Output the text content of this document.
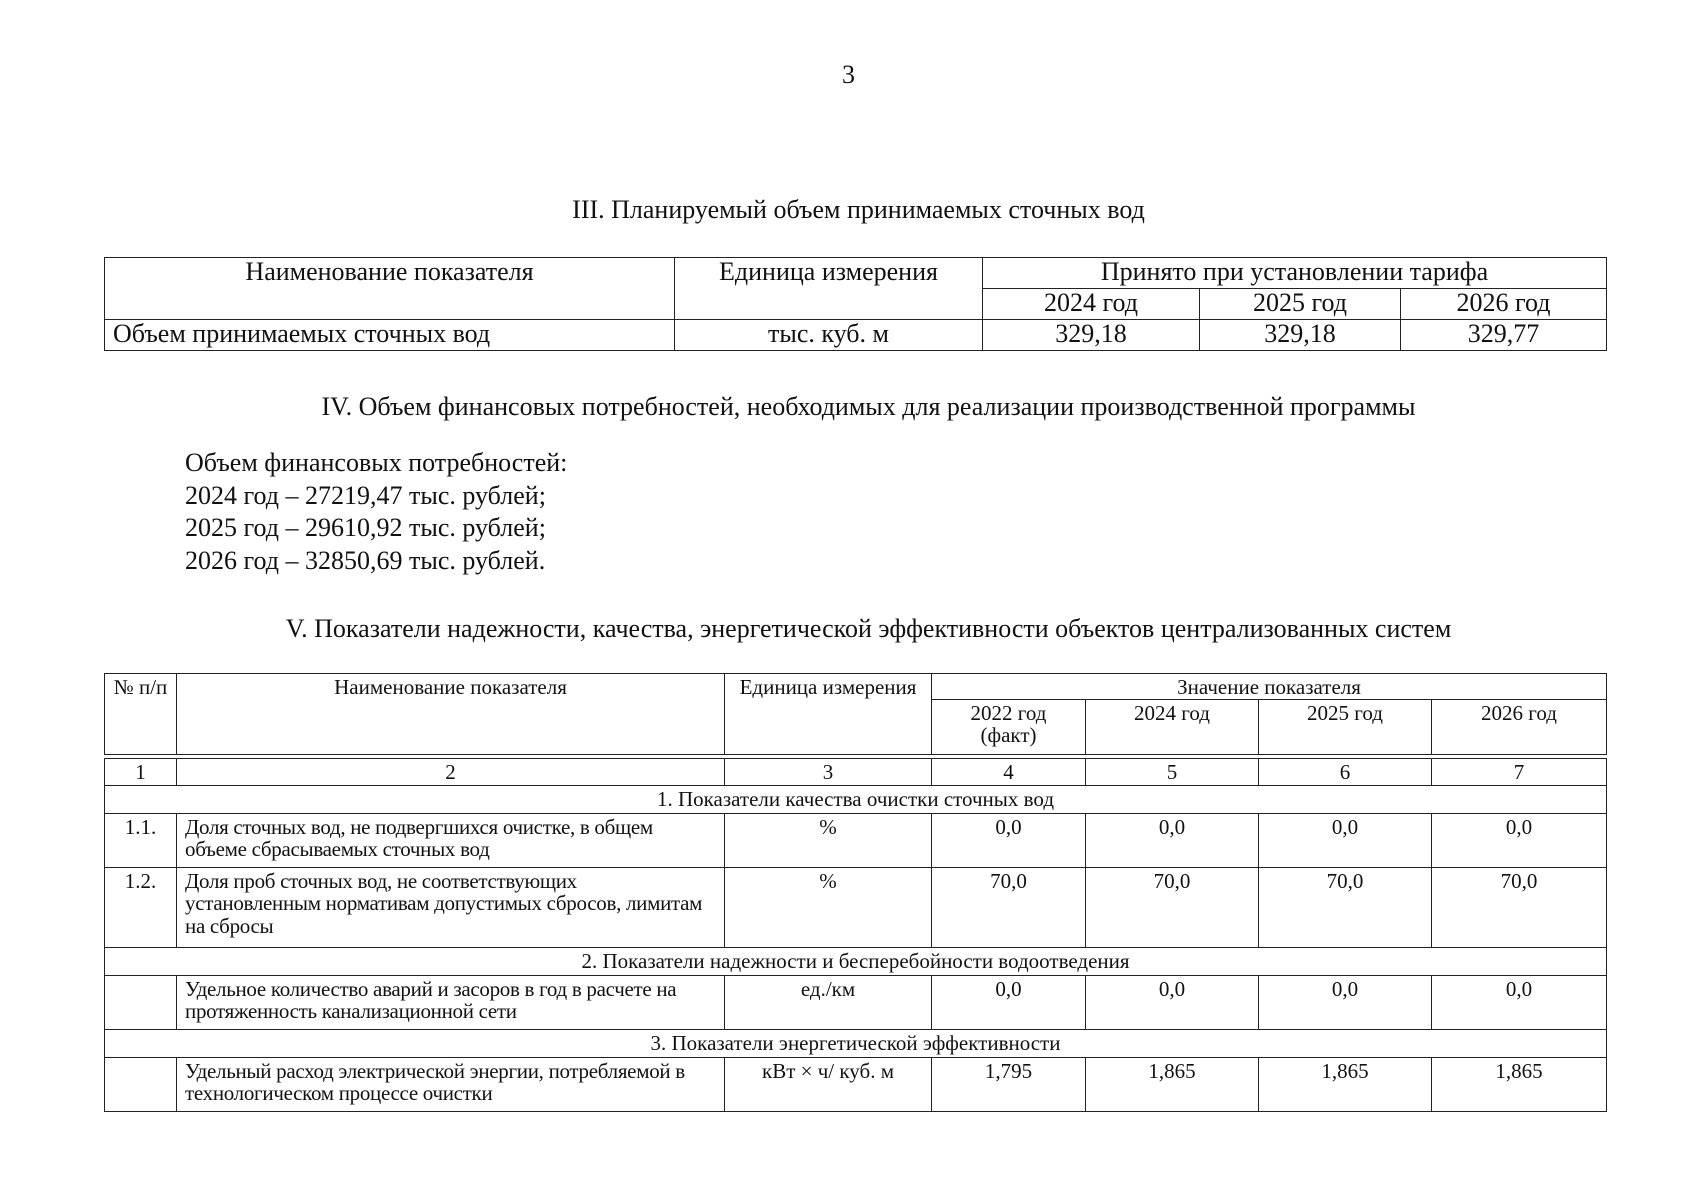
3
III. Планируемый объем принимаемых сточных вод
Наименование показателя	Единица измерения	Принято при установлении тарифа		
		2024 год	2025 год	2026 год
Объем принимаемых сточных вод	тыс. куб. м	329,18	329,18	329,77
IV. Объем финансовых потребностей, необходимых для реализации производственной программы
Объем финансовых потребностей:
2024 год – 27219,47 тыс. рублей;
2025 год – 29610,92 тыс. рублей;
2026 год – 32850,69 тыс. рублей.
V. Показатели надежности, качества, энергетической эффективности объектов централизованных систем
№ п/п	Наименование показателя	Единица измерения	Значение показателя			
			2022 год (факт)	2024 год	2025 год	2026 год

1	2	3	4	5	6	7
1. Показатели качества очистки сточных вод						
1.1.	Доля сточных вод, не подвергшихся очистке, в общем объеме сбрасываемых сточных вод	%	0,0	0,0	0,0	0,0
1.2.	Доля проб сточных вод, не соответствующих установленным нормативам допустимых сбросов, лимитам на сбросы	%	70,0	70,0	70,0	70,0
2. Показатели надежности и бесперебойности водоотведения						
	Удельное количество аварий и засоров в год в расчете на протяженность канализационной сети	ед./км	0,0	0,0	0,0	0,0
3. Показатели энергетической эффективности						
	Удельный расход электрической энергии, потребляемой в технологическом процессе очистки	кВт × ч/ куб. м	1,795	1,865	1,865	1,865
